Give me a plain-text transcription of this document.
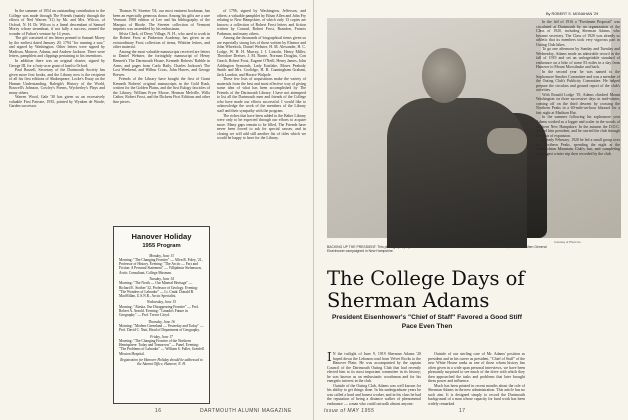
In the summer of 1954 an outstanding contribution to the College was made through The Friends (mainly through the efforts of Ned Warren '31) by Mr. and Mrs. Wilcox, of Oxford, N. H. Dr. Wilcox is a lineal descendant of Samuel Morey whose steamboat, if not fully a success, earned the wonder of Fulton's venture by 14 years.

The gift consisted of ten letters penned to Samuel Morey by the earliest dated January 20, 1794 "for running a saw," and signed by Washington. Other letters were signed by Madison, Monroe, Adams, and Andrew Jackson. There were letters, pamphlets and clippings pertaining to his inventions.

In addition there was an original charter, signed by George III, for a forty-acre grant of land to Orford.

Paul Russell, Secretary of the Dartmouth Society has given more first books, and the Library now is the recipient of all his first editions of Shakespeare, Locke's Essay on the Human Understanding, Raleigh's History of the World, Boswell's Johnson, Cowley's Poems, Wycherley's Plays and many others.

Warren Wood, Gale '30 has given us an excessively valuable First Patrone, 1935, printed by Wynken de Worde, Garden successor.

Thomas W. Streeter '04, our most eminent bookman, has been an especially generous donor. Among his gifts are a rare Vermont 1908 edition of Lee and his bibliography of the Marquis of Rhode. The Streeter collection of Vermont imprints was assembled by his enthusiasm.

Silvia Clark, of Derry Village, N. H., who used to work in the Robert Frost at Pinkerton Academy, has given us an extraordinary Frost collection of items, Whittier letters, and other material.

Among the most valuable manuscripts received are letters to Daniel Webster, the fortnightly manuscript of Henry Bennett's The Dartmouth House, Kenneth Roberts' Rabble in Arms, and pages from Carlo Baily, Charles Jackson's The Lost Weekend, and Wilbur Cross, John Hawes, and George Brewer.

Friends of the Library have bought the first of Grant Kenneth Roberts' original manuscripts in the Gold Rush, written for the Golden Plains, and the first Eulogy fascicles of the Library; William Fryer Moore, Herman Melville, Willa Cather, Robert Frost, and the Dickens First Editions and other fine pieces.

Hanover Holiday
1955 Program
Monday, June 13
Morning: "The Changing Frontier" — Allen R. Foley, '21, Professor of History. Evening: "The Arctic — Fact and Fiction: A Personal Statement" — Vilhjalmur Stefansson, Arctic Consultant, College Museum.
Tuesday, June 14
Morning: "The North — Our Mineral Heritage" — Richard E. Stoiber '32, Professor of Geology. Evening: "The Wonders of Labrador" — Lt. Cmdr. Donald B. MacMillan, U.S.N.R., Arctic Specialist.
Wednesday, June 15
Morning: "Alaska, Our Disappearing Frontier" — Prof. Robert A. Arnold. Evening: "Canada's Future in Geography" — Prof. Trevor Lloyd.
Thursday, June 16
Morning: "Modern Greenland — Yesterday and Today" — Prof. David C. Nutt, Head of Department of Geography.
Friday, June 17
Morning: "The Changing Frontier of the Northern Hemisphere: Today and Tomorrow" — Panel. Evening: "The Problems of Labrador" — William S. Fuller, Grenfell Mission Hospital.
Registration for Hanover Holiday should be addressed to the Alumni Office, Hanover, N. H.

of 1796, signed by Washington, Jefferson, and others; a valuable pamphlet by Ethan Allen and John Fry relating to New Hampshire, of which only 13 copies are known; a collection of Robert Frost letters and fiction written by Conrad, Robert Frost, Brandon, Francis Parkman, and many others.

Among the thousands of biographical items given us are especially strong lots of those written by Eleanor and John Wheelock, Daniel Webster, H. M. Alexander, H. C. Lodge, W. H. H. Murray, J. I. Lincoln, Henry Miller, Theodore Dreiser, J. M. Barrie, Norman Douglas, Con Geach, Robert Frost, Eugene O'Neill, Henry James, John Addington Symonds, Lady Eastlake, Moses Peabody Smith and Mrs. Coolidge, H. R. Cunningham Graham, Jack London, and Horace Walpole.

These few lists of acquisitions make the variety of materials from the best and most effective way of giving some idea of what has been accomplished by The Friends of the Dartmouth Library. I have not attempted to list all the Dartmouth men and friends of the College who have made our efforts successful. I would like to acknowledge the work of the members of the Library staff and their sympathy with the program.

The riches that have been added to the Baker Library were only to be expected through our efforts to acquire more. Many gaps remain to be filled, The Friends have never been forced to ask for special causes, and in closing we will add still another list of titles which we would be happy to have for the Library.

16	DARTMOUTH ALUMNI MAGAZINE
Courtesy of Photo Co.
BACKING UP THE PRESIDENT: This photograph, prophetic of the role of Sherman Adams '20 in the new administration, was taken when General Eisenhower campaigned in New Hampshire.
The College Days of Sherman Adams
President Eisenhower's "Chief of Staff" Favored a Good Stiff Pace Even Then

I N the twilight of June 9, 1919 Sherman Adams '20 hoped down the Lebanon road from Velvet Rocks to the Hanover Plain. He was accompanied by the captain Council of the Dartmouth Outing Club that had recently elected him to its most important committee in its history; he was known as an enthusiastic woodsman and for his energetic interest in the club.

Outside of the Outing Club, Adams was well known for his ability to get things done. In his undergraduate years he was called a hard and honest worker, and in his class he had the reputation of being a distance walker of phenomenal endurance — a man who could outwalk almost anyone.

Outside of our sterling care of Mr. Adams' position as president and in his career as president, "Chief of Staff" of the new White House ranks as one of those whom history has often given in a wide span personal interviews, we have been pleasantly surprised to see much of the drive with which they then approached the tasks and problems that later brought them power and influence.

Much has been printed in recent months about the role of Sherman Adams in the new administration. This article has no such aim. It is designed simply to record the Dartmouth background of a man whose capacity for hard work has been widely remarked.

By ROBERT S. MONAHAN '29

In the fall of 1916 a "Freshmen Proposal" was circulated at Dartmouth by an organization of the Class of 1920, including Sherman Adams, who became secretary. The Class of 1920 was already so athletic that its members took very vigorous part in Outing Club hikes.

To go one afternoon by Sunday and Tuesday and Wednesday, Adams made an admirable record in the fall of 1919 and set an unforgettable standard of endurance on a hike of some 83 miles in a day from Hanover to Mount Moosilauke and back.

In the second year he was named to the Sophomore Smoker Committee and was a member of the Outing Club's Publicity Committee. He helped prepare the circulars and ground report of the club's activities.

With Ronald Lodge '19, Adams climbed Mount Washington on three successive days in mid-winter, coming off on the third descent by crossing the Northern Peaks in a 60-mile-an-hour blizzard for a fast night at Madison Hut.

In the summer following his sophomore year Adams worked as a logger and scaler in the woods of northern New Hampshire. In the autumn the D.O.C. elected him president, and he carried the club through a season of expansion.

In early February, 1920 he led a small group over the Northern Peaks, spending the night at the Appalachian Mountain Club's hut, and completing the longest winter trip then recorded by the club.

Issue of MAY 1955	17
